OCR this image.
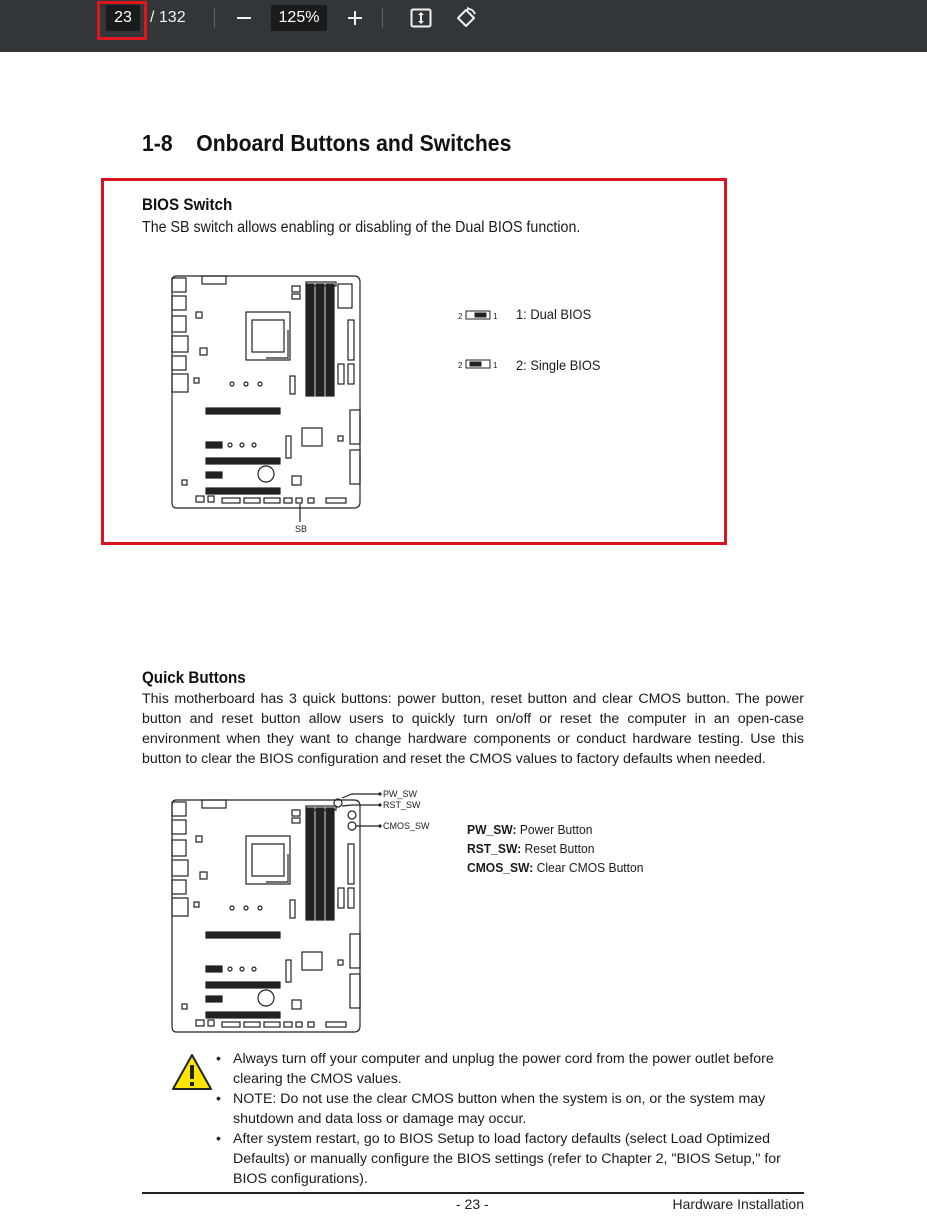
23	/ 132	125%
1-8 Onboard Buttons and Switches
BIOS Switch
The SB switch allows enabling or disabling of the Dual BIOS function.
SB
2	1
2	1
1: Dual BIOS
2: Single BIOS
Quick Buttons
This motherboard has 3 quick buttons: power button, reset button and clear CMOS button. The power button and reset button allow users to quickly turn on/off or reset the computer in an open-case environment when they want to change hardware components or conduct hardware testing. Use this button to clear the BIOS configuration and reset the CMOS values to factory defaults when needed.
PW_SW
RST_SW
CMOS_SW	PW_SW: Power Button
RST_SW: Reset Button
CMOS_SW: Clear CMOS Button
• Always turn off your computer and unplug the power cord from the power outlet before clearing the CMOS values.
• NOTE: Do not use the clear CMOS button when the system is on, or the system may shutdown and data loss or damage may occur.
• After system restart, go to BIOS Setup to load factory defaults (select Load Optimized Defaults) or manually configure the BIOS settings (refer to Chapter 2, "BIOS Setup," for BIOS configurations).
- 23 -	Hardware Installation
